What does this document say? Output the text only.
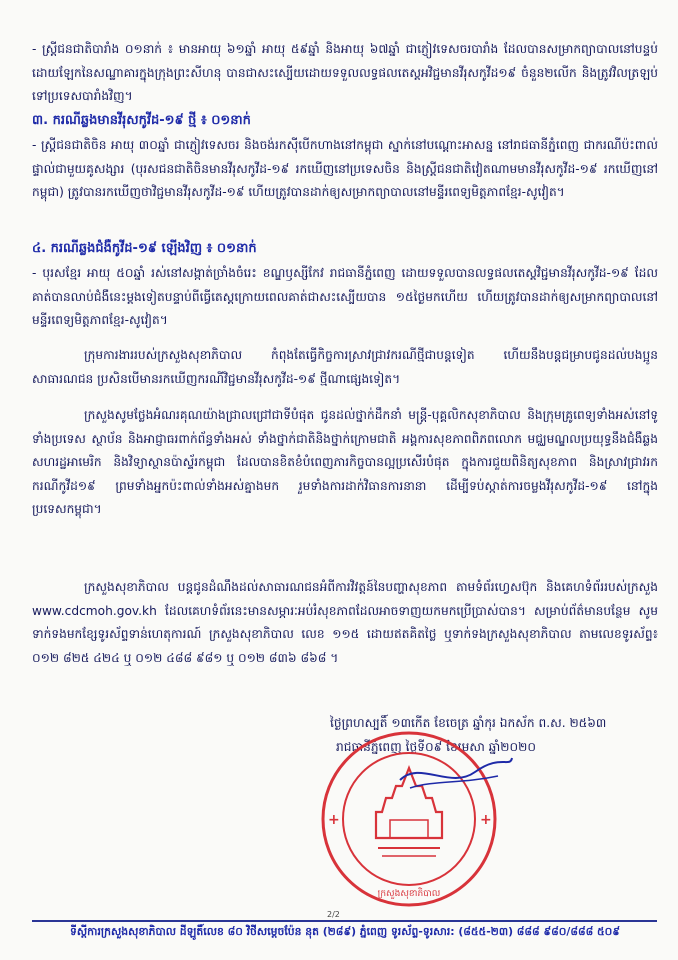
- ស្ត្រីជនជាតិបារាំង ០១នាក់ ៖ មានអាយុ ៦១ឆ្នាំ អាយុ ៥៩ឆ្នាំ និងអាយុ ៦៧ឆ្នាំ ជាភ្ញៀវទេសចរបារាំង ដែលបានសម្រាកព្យាបាលនៅបន្ទប់ដោយឡែកនៃសណ្ឋាគារក្នុងក្រុងព្រះសីហនុ បានជាសះស្បើយដោយទទួលលទ្ធផលតេស្តអវិជ្ជមានវីរុសកូវីដ១៩ ចំនួន២លើក និងត្រូវវិលត្រឡប់ទៅប្រទេសបារាំងវិញ។

៣. ករណីឆ្លងមានវីរុសកូវីដ-១៩ ថ្មី ៖ ០១នាក់

- ស្ត្រីជនជាតិចិន អាយុ ៣០ឆ្នាំ ជាភ្ញៀវទេសចរ និងចង់រកស៊ីបើកហាងនៅកម្ពុជា ស្នាក់នៅបណ្ដោះអាសន្ន នៅរាជធានីភ្នំពេញ ជាករណីប៉ះពាល់ផ្ទាល់ជាមួយគូសង្សារ (បុរសជនជាតិចិនមានវីរុសកូវីដ-១៩ រកឃើញនៅប្រទេសចិន និងស្ត្រីជនជាតិវៀតណាមមានវីរុសកូវីដ-១៩ រកឃើញនៅកម្ពុជា) ត្រូវបានរកឃើញថាវិជ្ជមានវីរុសកូវីដ-១៩ ហើយត្រូវបានដាក់ឲ្យសម្រាកព្យាបាលនៅមន្ទីរពេទ្យមិត្តភាពខ្មែរ-សូវៀត។

៤. ករណីឆ្លងជំងឺកូវីដ-១៩ ឡើងវិញ ៖ ០១នាក់

- បុរសខ្មែរ អាយុ ៥០ឆ្នាំ រស់នៅសង្កាត់ច្រាំងចំរេះ ខណ្ឌឫស្សីកែវ រាជធានីភ្នំពេញ ដោយទទួលបានលទ្ធផលតេស្តវិជ្ជមានវីរុសកូវីដ-១៩ ដែលគាត់បានលាប់ជំងឺនេះម្តងទៀតបន្ទាប់ពីធ្វើតេស្តក្រោយពេលគាត់ជាសះស្បើយបាន ១៥ថ្ងៃមកហើយ ហើយត្រូវបានដាក់ឲ្យសម្រាកព្យាបាលនៅមន្ទីរពេទ្យមិត្តភាពខ្មែរ-សូវៀត។

ក្រុមការងាររបស់ក្រសួងសុខាភិបាល កំពុងតែធ្វើកិច្ចការស្រាវជ្រាវករណីថ្មីជាបន្តទៀត ហើយនឹងបន្តជម្រាបជូនដល់បងប្អូនសាធារណជន ប្រសិនបើមានរកឃើញករណីវិជ្ជមានវីរុសកូវីដ-១៩ ថ្មីណាផ្សេងទៀត។

ក្រសួងសូមថ្លែងអំណរគុណយ៉ាងជ្រាលជ្រៅជាទីបំផុត ជូនដល់ថ្នាក់ដឹកនាំ មន្ត្រី-បុគ្គលិកសុខាភិបាល និងក្រុមគ្រូពេទ្យទាំងអស់នៅទូទាំងប្រទេស ស្ថាប័ន និងអាជ្ញាធរពាក់ព័ន្ធទាំងអស់ ទាំងថ្នាក់ជាតិនិងថ្នាក់ក្រោមជាតិ អង្គការសុខភាពពិភពលោក មជ្ឈមណ្ឌលប្រយុទ្ធនឹងជំងឺឆ្លងសហរដ្ឋអាមេរិក និងវិទ្យាស្ថានប៉ាស្ទ័រកម្ពុជា ដែលបានខិតខំបំពេញភារកិច្ចបានល្អប្រសើរបំផុត ក្នុងការជួយពិនិត្យសុខភាព និងស្រាវជ្រាវរកករណីកូវីដ១៩ ព្រមទាំងអ្នកប៉ះពាល់ទាំងអស់គ្នាងមក រួមទាំងការដាក់វិធានការនានា ដើម្បីទប់ស្កាត់ការចម្លងវីរុសកូវីដ-១៩ នៅក្នុងប្រទេសកម្ពុជា។

ក្រសួងសុខាភិបាល បន្តជូនដំណឹងដល់សាធារណជនអំពីការវិវត្តន៍នៃបញ្ហាសុខភាព តាមទំព័រហ្វេសប៊ុក និងគេហទំព័ររបស់ក្រសួង www.cdcmoh.gov.kh ដែលគេហទំព័រនេះមានសម្ភារៈអប់រំសុខភាពដែលអាចទាញយកមកប្រើប្រាស់បាន។ សម្រាប់ព័ត៌មានបន្ថែម សូមទាក់ទងមកខ្សែទូរស័ព្ទទាន់ហេតុការណ៍ ក្រសួងសុខាភិបាល លេខ ១១៥ ដោយឥតគិតថ្លៃ ឬទាក់ទងក្រសួងសុខាភិបាល តាមលេខទូរស័ព្ទ៖ ០១២ ៨២៥ ៤២៤ ឬ ០១២ ៤៨៨ ៩៨១ ឬ ០១២ ៨៣៦ ៨៦៨ ។

ថ្ងៃព្រហស្បតិ៍ ១៣កើត ខែចេត្រ ឆ្នាំកុរ ឯកស័ក ព.ស. ២៥៦៣
រាជធានីភ្នំពេញ ថ្ងៃទី០៩ ខែមេសា ឆ្នាំ២០២០
+	+
ក្រសួងសុខាភិបាល
2/2
ទីស្តីការក្រសួងសុខាភិបាល ដីឡូតិ៍លេខ ៨០ វិថីសម្ដេចប៉ែន នុត (២៨៩) ភ្នំពេញ ទូរស័ព្ទ-ទូរសារ: (៨៥៥-២៣) ៨៨៨ ៩៨០/៨៨៨ ៥០៩
